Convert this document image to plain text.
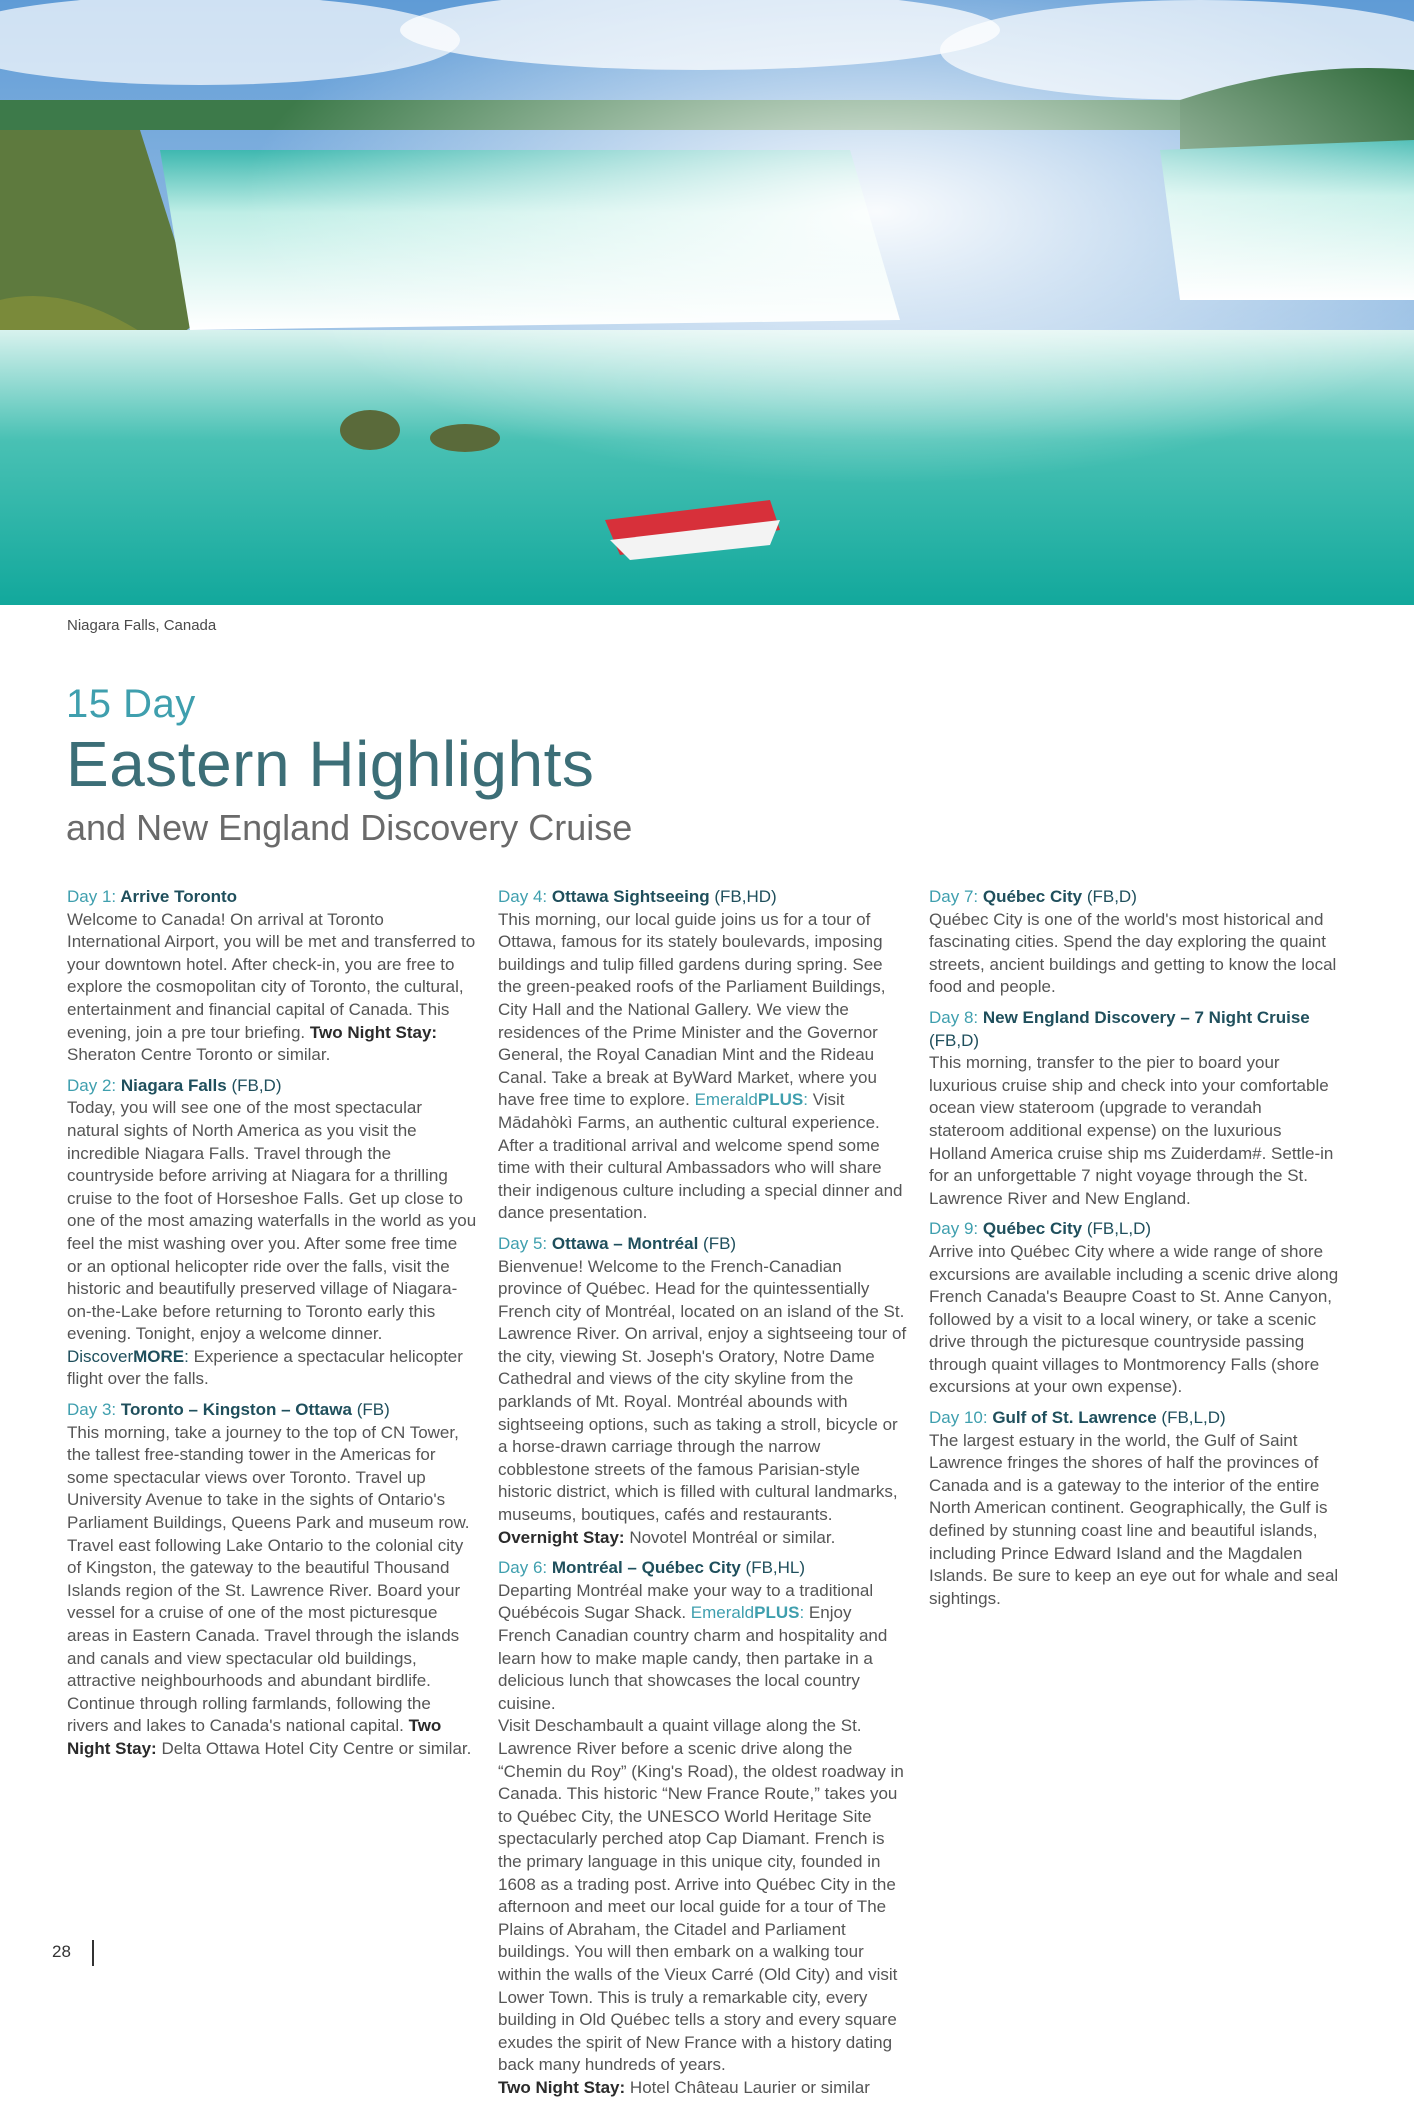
Niagara Falls, Canada
15 Day
Eastern Highlights
and New England Discovery Cruise
Day 1: Arrive Toronto
Welcome to Canada! On arrival at Toronto International Airport, you will be met and transferred to your downtown hotel. After check-in, you are free to explore the cosmopolitan city of Toronto, the cultural, entertainment and financial capital of Canada. This evening, join a pre tour briefing. Two Night Stay: Sheraton Centre Toronto or similar.
Day 2: Niagara Falls (FB,D)
Today, you will see one of the most spectacular natural sights of North America as you visit the incredible Niagara Falls. Travel through the countryside before arriving at Niagara for a thrilling cruise to the foot of Horseshoe Falls. Get up close to one of the most amazing waterfalls in the world as you feel the mist washing over you. After some free time or an optional helicopter ride over the falls, visit the historic and beautifully preserved village of Niagara-on-the-Lake before returning to Toronto early this evening. Tonight, enjoy a welcome dinner. DiscoverMORE: Experience a spectacular helicopter flight over the falls.
Day 3: Toronto – Kingston – Ottawa (FB)
This morning, take a journey to the top of CN Tower, the tallest free-standing tower in the Americas for some spectacular views over Toronto. Travel up University Avenue to take in the sights of Ontario's Parliament Buildings, Queens Park and museum row. Travel east following Lake Ontario to the colonial city of Kingston, the gateway to the beautiful Thousand Islands region of the St. Lawrence River. Board your vessel for a cruise of one of the most picturesque areas in Eastern Canada. Travel through the islands and canals and view spectacular old buildings, attractive neighbourhoods and abundant birdlife. Continue through rolling farmlands, following the rivers and lakes to Canada's national capital. Two Night Stay: Delta Ottawa Hotel City Centre or similar.
Day 4: Ottawa Sightseeing (FB,HD)
This morning, our local guide joins us for a tour of Ottawa, famous for its stately boulevards, imposing buildings and tulip filled gardens during spring. See the green-peaked roofs of the Parliament Buildings, City Hall and the National Gallery. We view the residences of the Prime Minister and the Governor General, the Royal Canadian Mint and the Rideau Canal. Take a break at ByWard Market, where you have free time to explore. EmeraldPLUS: Visit Mādahòkì Farms, an authentic cultural experience. After a traditional arrival and welcome spend some time with their cultural Ambassadors who will share their indigenous culture including a special dinner and dance presentation.
Day 5: Ottawa – Montréal (FB)
Bienvenue! Welcome to the French-Canadian province of Québec. Head for the quintessentially French city of Montréal, located on an island of the St. Lawrence River. On arrival, enjoy a sightseeing tour of the city, viewing St. Joseph's Oratory, Notre Dame Cathedral and views of the city skyline from the parklands of Mt. Royal. Montréal abounds with sightseeing options, such as taking a stroll, bicycle or a horse-drawn carriage through the narrow cobblestone streets of the famous Parisian-style historic district, which is filled with cultural landmarks, museums, boutiques, cafés and restaurants. Overnight Stay: Novotel Montréal or similar.
Day 6: Montréal – Québec City (FB,HL)
Departing Montréal make your way to a traditional Québécois Sugar Shack. EmeraldPLUS: Enjoy French Canadian country charm and hospitality and learn how to make maple candy, then partake in a delicious lunch that showcases the local country cuisine.
Visit Deschambault a quaint village along the St. Lawrence River before a scenic drive along the “Chemin du Roy” (King's Road), the oldest roadway in Canada. This historic “New France Route,” takes you to Québec City, the UNESCO World Heritage Site spectacularly perched atop Cap Diamant. French is the primary language in this unique city, founded in 1608 as a trading post. Arrive into Québec City in the afternoon and meet our local guide for a tour of The Plains of Abraham, the Citadel and Parliament buildings. You will then embark on a walking tour within the walls of the Vieux Carré (Old City) and visit Lower Town. This is truly a remarkable city, every building in Old Québec tells a story and every square exudes the spirit of New France with a history dating back many hundreds of years.
Two Night Stay: Hotel Château Laurier or similar
Day 7: Québec City (FB,D)
Québec City is one of the world's most historical and fascinating cities. Spend the day exploring the quaint streets, ancient buildings and getting to know the local food and people.
Day 8: New England Discovery – 7 Night Cruise (FB,D)
This morning, transfer to the pier to board your luxurious cruise ship and check into your comfortable ocean view stateroom (upgrade to verandah stateroom additional expense) on the luxurious Holland America cruise ship ms Zuiderdam#. Settle-in for an unforgettable 7 night voyage through the St. Lawrence River and New England.
Day 9: Québec City (FB,L,D)
Arrive into Québec City where a wide range of shore excursions are available including a scenic drive along French Canada's Beaupre Coast to St. Anne Canyon, followed by a visit to a local winery, or take a scenic drive through the picturesque countryside passing through quaint villages to Montmorency Falls (shore excursions at your own expense).
Day 10: Gulf of St. Lawrence (FB,L,D)
The largest estuary in the world, the Gulf of Saint Lawrence fringes the shores of half the provinces of Canada and is a gateway to the interior of the entire North American continent. Geographically, the Gulf is defined by stunning coast line and beautiful islands, including Prince Edward Island and the Magdalen Islands. Be sure to keep an eye out for whale and seal sightings.
28
